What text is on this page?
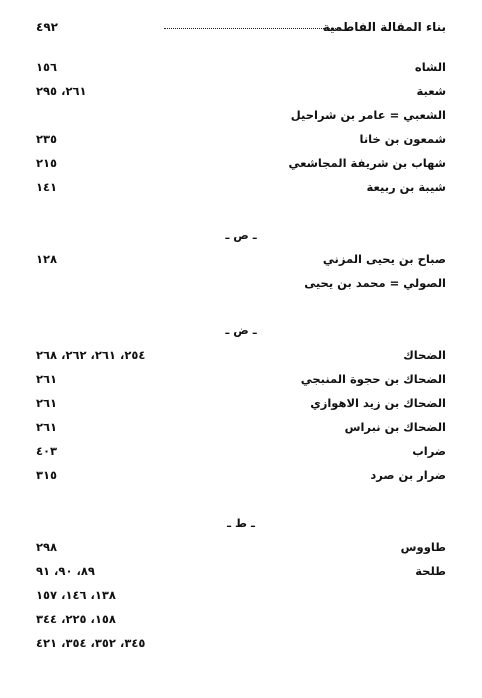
٤٩٢	بناء المقالة الفاطمية
الشاه
١٥٦
شعبة
٢٦١، ٢٩٥
الشعبي = عامر بن شراحيل
شمعون بن خانا
٢٣٥
شهاب بن شريفة المجاشعي
٢١٥
شيبة بن ربيعة
١٤١
ـ ص ـ
صباح بن يحيى المزني
١٢٨
الصولي = محمد بن يحيى
ـ ض ـ
الضحاك
٢٥٤، ٢٦١، ٢٦٢، ٢٦٨
الضحاك بن حجوة المنبجي
٢٦١
الضحاك بن زيد الاهوازي
٢٦١
الضحاك بن نبراس
٢٦١
ضراب
٤٠٣
ضرار بن صرد
٣١٥
ـ ط ـ
طاووس
٢٩٨
طلحة
٨٩، ٩٠، ٩١
١٣٨، ١٤٦، ١٥٧
١٥٨، ٢٢٥، ٣٤٤
٣٤٥، ٣٥٢، ٣٥٤، ٤٢١
